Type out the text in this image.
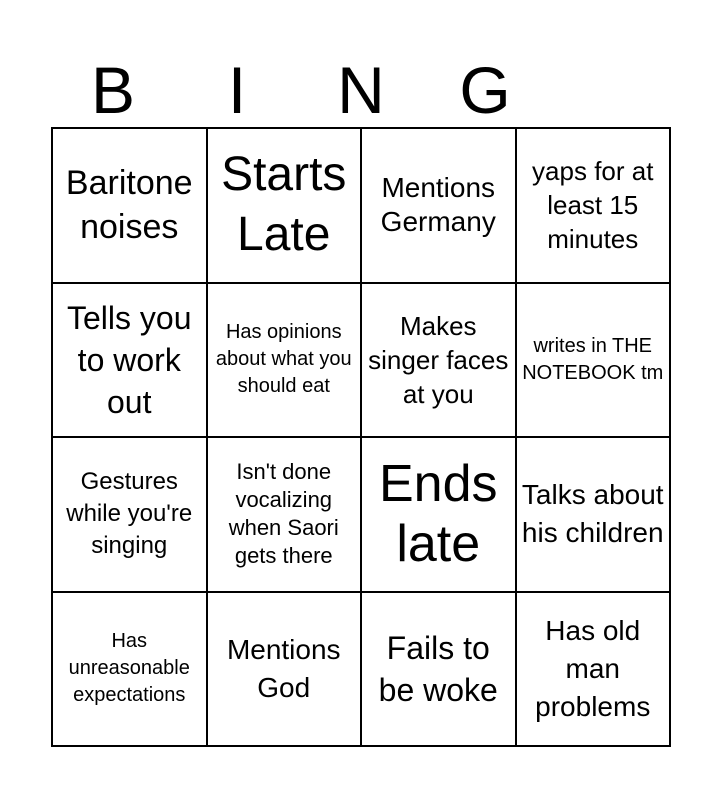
B	I	N	G
Baritone noises
Starts Late
Mentions Germany
yaps for at least 15 minutes
Tells you to work out
Has opinions about what you should eat
Makes singer faces at you
writes in THE NOTEBOOK tm
Gestures while you're singing
Isn't done vocalizing when Saori gets there
Ends late
Talks about his children
Has unreasonable expectations
Mentions God
Fails to be woke
Has old man problems
